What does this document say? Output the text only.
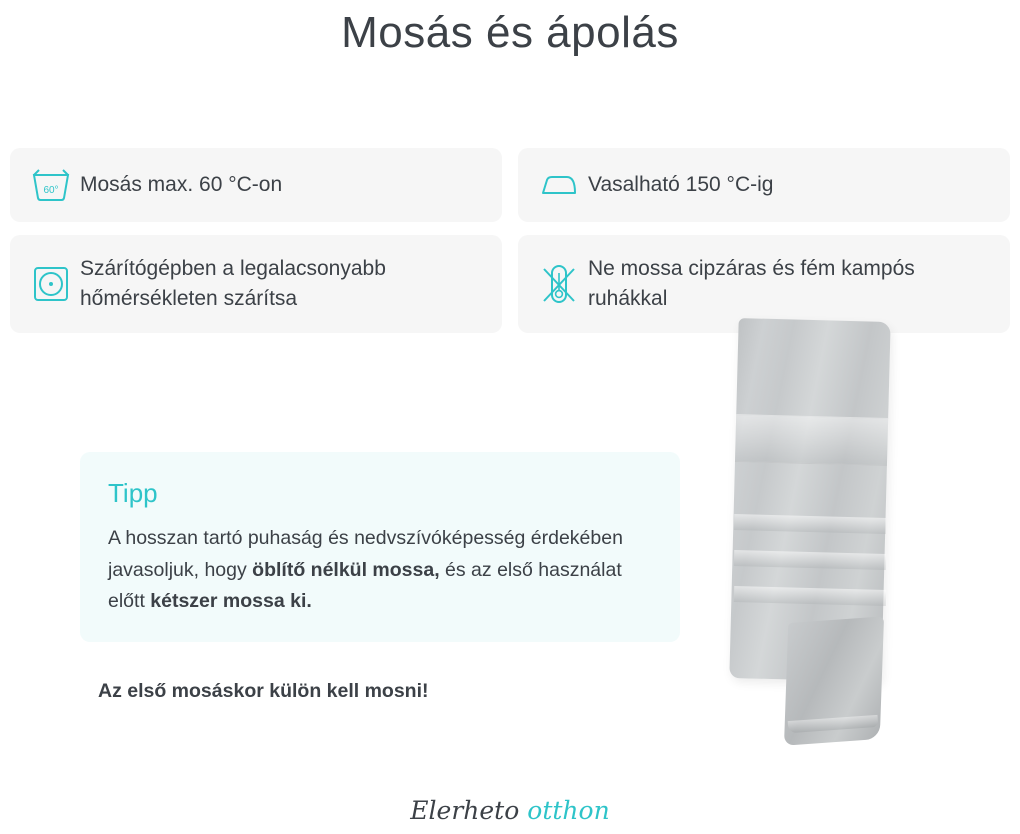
Mosás és ápolás
60° Mosás max. 60 °C-on
Szárítógépben a legalacsonyabb hőmérsékleten szárítsa
Vasalható 150 °C-ig
Ne mossa cipzáras és fém kampós ruhákkal
Tipp

A hosszan tartó puhaság és nedvszívóképesség érdekében javasoljuk, hogy öblítő nélkül mossa, és az első használat előtt kétszer mossa ki.

Az első mosáskor külön kell mosni!
Elerheto otthon
